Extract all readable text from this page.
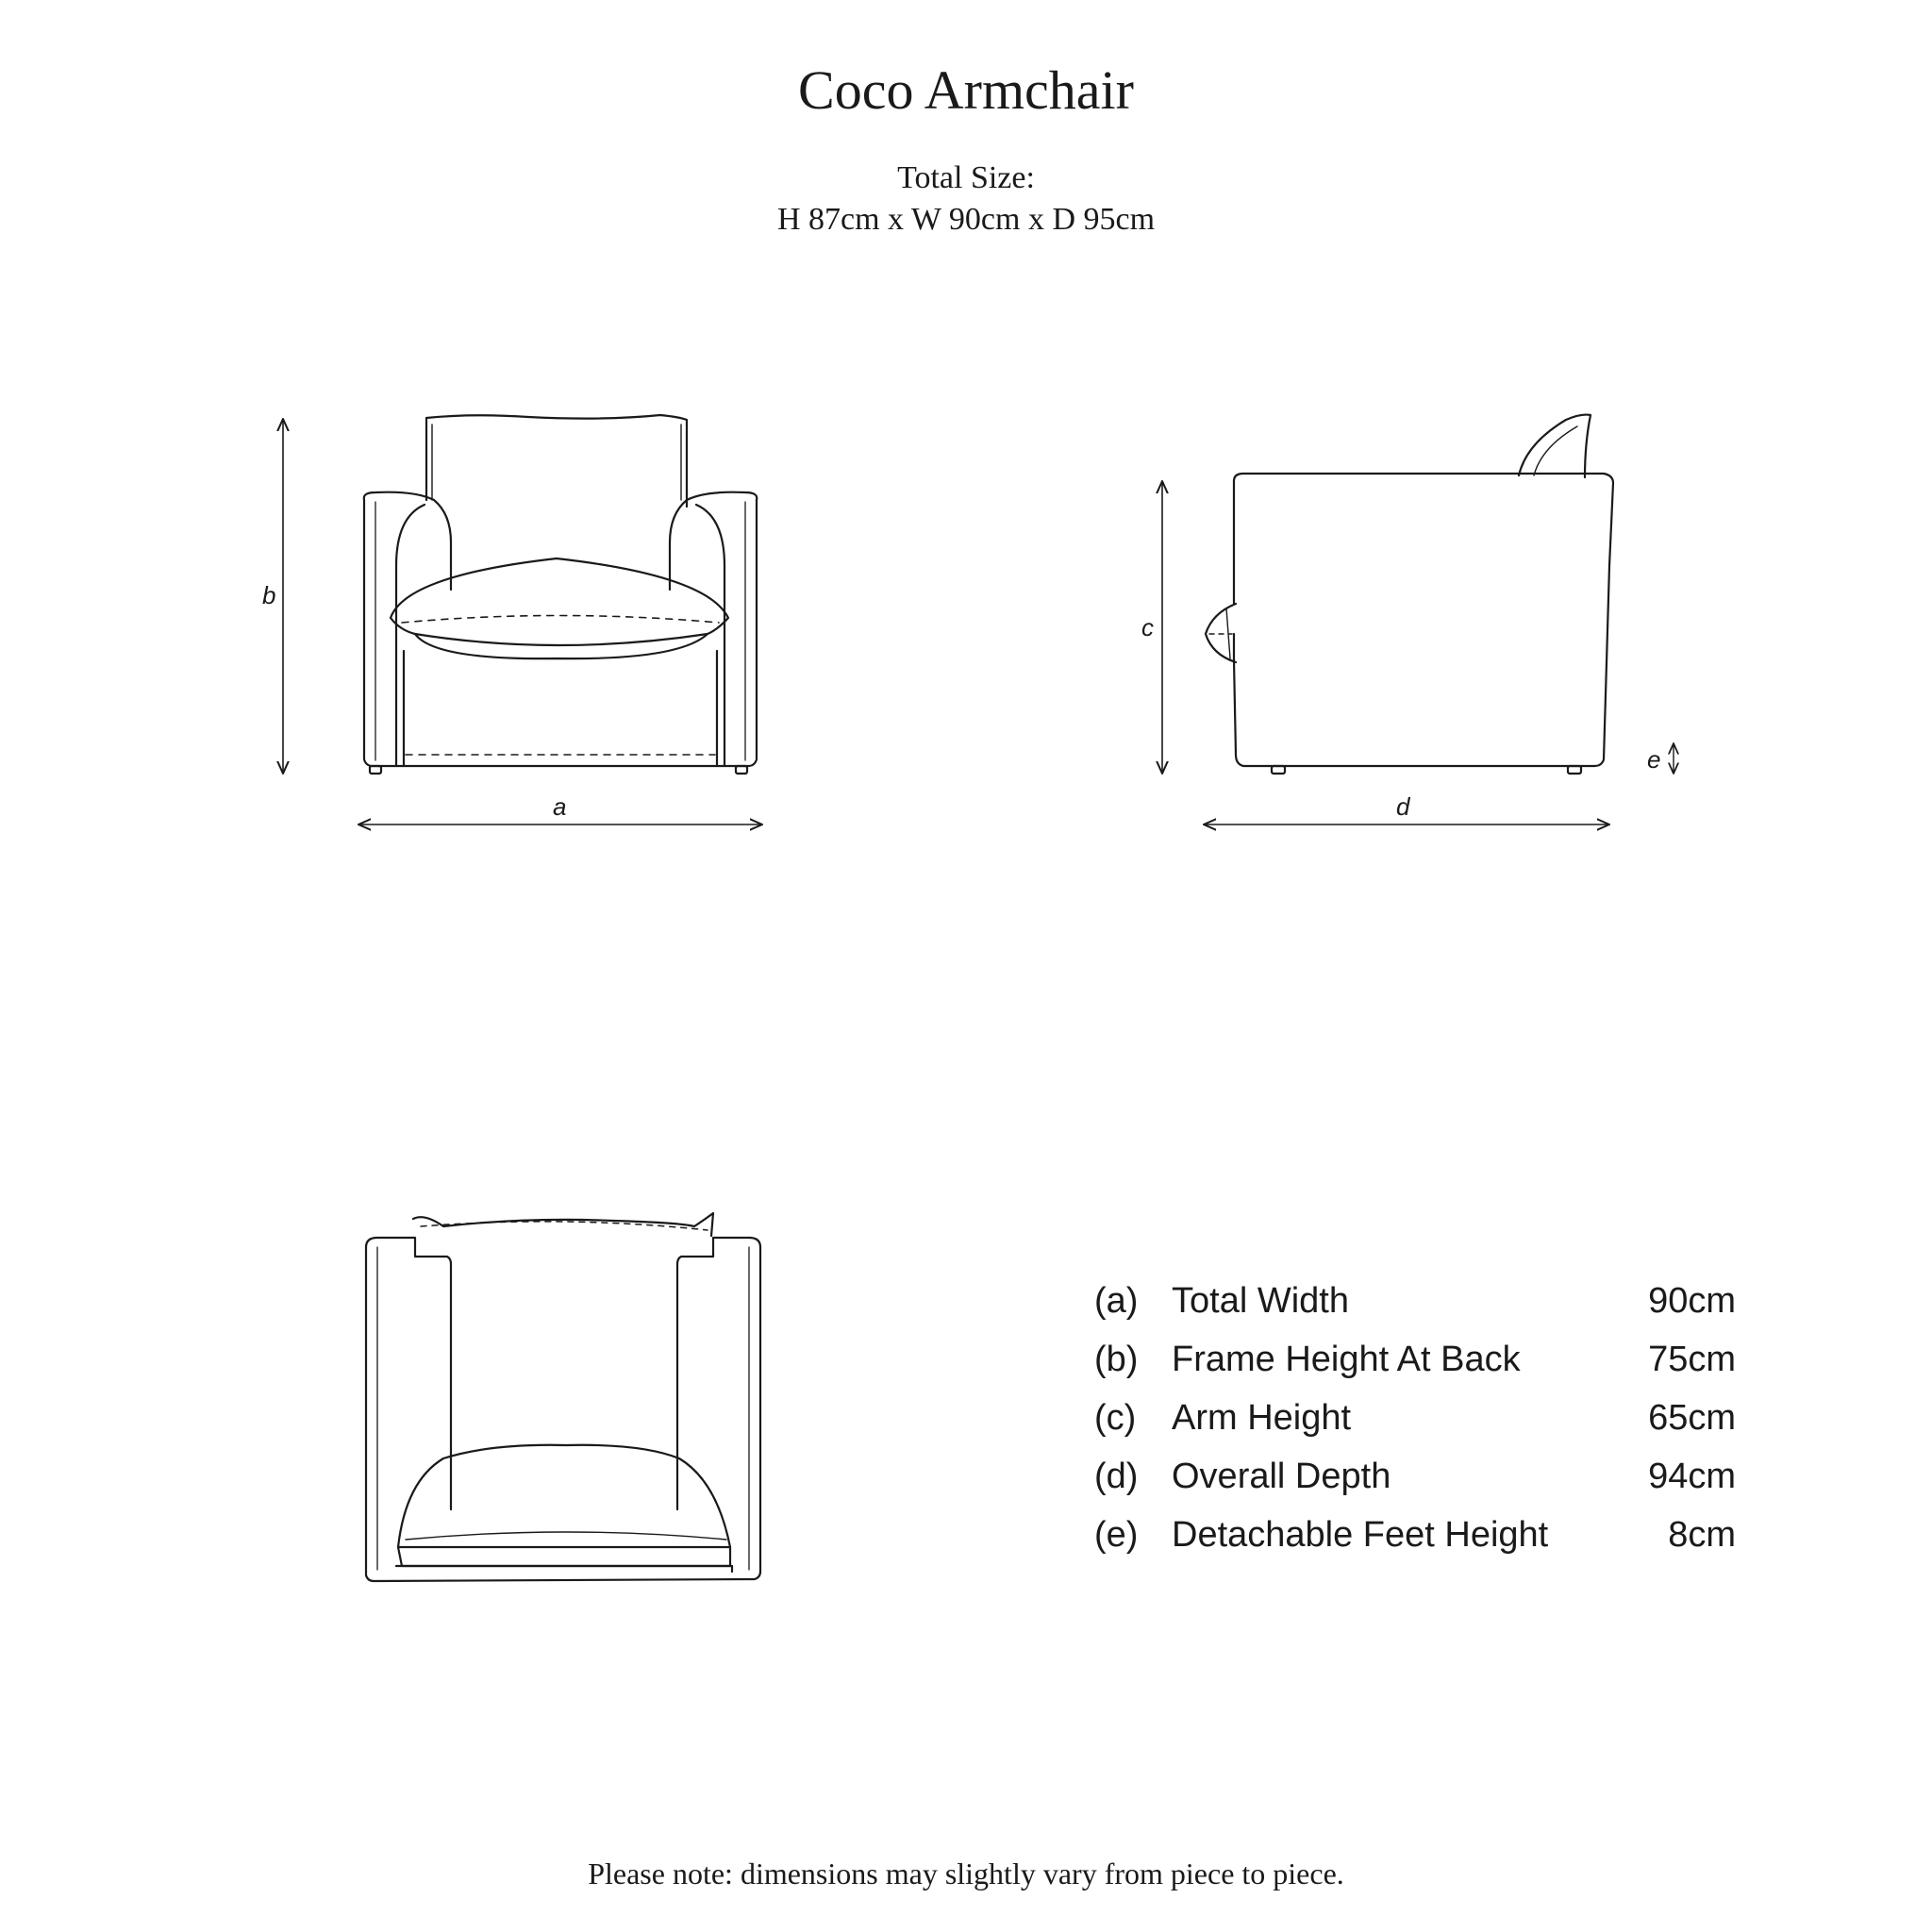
Coco Armchair
Total Size:
H 87cm x W 90cm x D 95cm
b
a
c
d
e
(a)	Total Width	90cm
(b)	Frame Height At Back	75cm
(c)	Arm Height	65cm
(d)	Overall Depth	94cm
(e)	Detachable Feet Height	8cm
Please note: dimensions may slightly vary from piece to piece.
